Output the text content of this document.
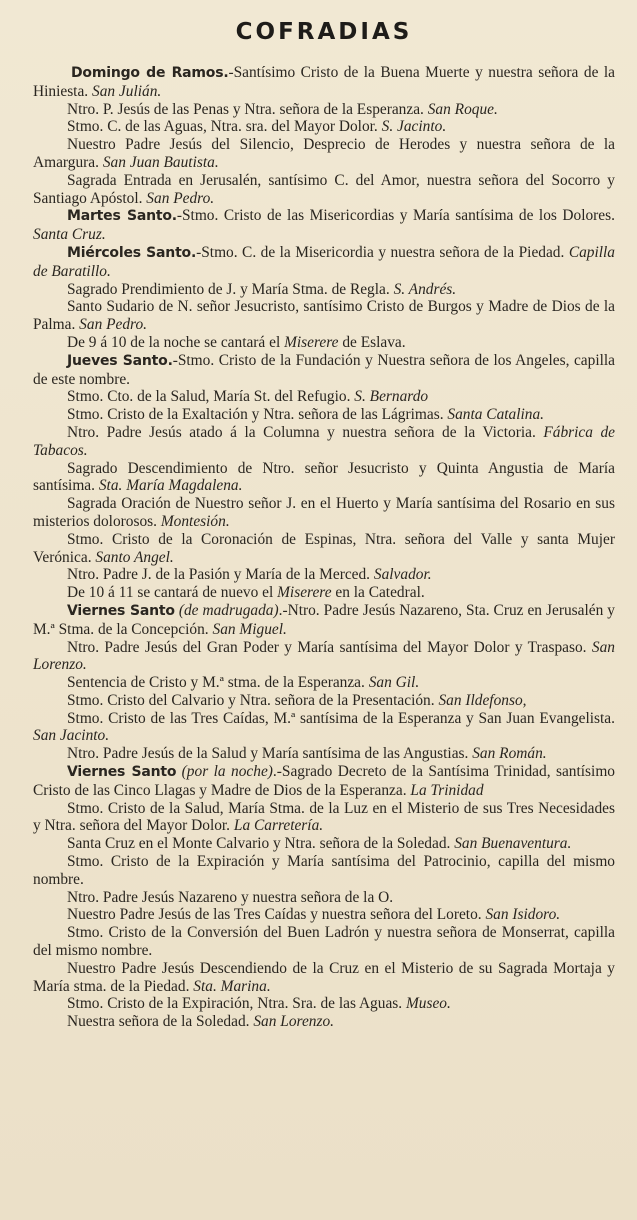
COFRADIAS

Domingo de Ramos.-Santísimo Cristo de la Buena Muerte y nuestra señora de la Hiniesta. San Julián.

Ntro. P. Jesús de las Penas y Ntra. señora de la Esperanza. San Roque.

Stmo. C. de las Aguas, Ntra. sra. del Mayor Dolor. S. Jacinto.

Nuestro Padre Jesús del Silencio, Desprecio de Herodes y nuestra señora de la Amargura. San Juan Bautista.

Sagrada Entrada en Jerusalén, santísimo C. del Amor, nuestra señora del Socorro y Santiago Apóstol. San Pedro.

Martes Santo.-Stmo. Cristo de las Misericordias y María santísima de los Dolores. Santa Cruz.

Miércoles Santo.-Stmo. C. de la Misericordia y nuestra señora de la Piedad. Capilla de Baratillo.

Sagrado Prendimiento de J. y María Stma. de Regla. S. Andrés.

Santo Sudario de N. señor Jesucristo, santísimo Cristo de Burgos y Madre de Dios de la Palma. San Pedro.

De 9 á 10 de la noche se cantará el Miserere de Eslava.

Jueves Santo.-Stmo. Cristo de la Fundación y Nuestra señora de los Angeles, capilla de este nombre.

Stmo. Cto. de la Salud, María St. del Refugio. S. Bernardo

Stmo. Cristo de la Exaltación y Ntra. señora de las Lágrimas. Santa Catalina.

Ntro. Padre Jesús atado á la Columna y nuestra señora de la Victoria. Fábrica de Tabacos.

Sagrado Descendimiento de Ntro. señor Jesucristo y Quinta Angustia de María santísima. Sta. María Magdalena.

Sagrada Oración de Nuestro señor J. en el Huerto y María santísima del Rosario en sus misterios dolorosos. Montesión.

Stmo. Cristo de la Coronación de Espinas, Ntra. señora del Valle y santa Mujer Verónica. Santo Angel.

Ntro. Padre J. de la Pasión y María de la Merced. Salvador.

De 10 á 11 se cantará de nuevo el Miserere en la Catedral.

Viernes Santo (de madrugada).-Ntro. Padre Jesús Nazareno, Sta. Cruz en Jerusalén y M.ª Stma. de la Concepción. San Miguel.

Ntro. Padre Jesús del Gran Poder y María santísima del Mayor Dolor y Traspaso. San Lorenzo.

Sentencia de Cristo y M.ª stma. de la Esperanza. San Gil.

Stmo. Cristo del Calvario y Ntra. señora de la Presentación. San Ildefonso,

Stmo. Cristo de las Tres Caídas, M.ª santísima de la Esperanza y San Juan Evangelista. San Jacinto.

Ntro. Padre Jesús de la Salud y María santísima de las Angustias. San Román.

Viernes Santo (por la noche).-Sagrado Decreto de la Santísima Trinidad, santísimo Cristo de las Cinco Llagas y Madre de Dios de la Esperanza. La Trinidad

Stmo. Cristo de la Salud, María Stma. de la Luz en el Misterio de sus Tres Necesidades y Ntra. señora del Mayor Dolor. La Carretería.

Santa Cruz en el Monte Calvario y Ntra. señora de la Soledad. San Buenaventura.

Stmo. Cristo de la Expiración y María santísima del Patrocinio, capilla del mismo nombre.

Ntro. Padre Jesús Nazareno y nuestra señora de la O.

Nuestro Padre Jesús de las Tres Caídas y nuestra señora del Loreto. San Isidoro.

Stmo. Cristo de la Conversión del Buen Ladrón y nuestra señora de Monserrat, capilla del mismo nombre.

Nuestro Padre Jesús Descendiendo de la Cruz en el Misterio de su Sagrada Mortaja y María stma. de la Piedad. Sta. Marina.

Stmo. Cristo de la Expiración, Ntra. Sra. de las Aguas. Museo.

Nuestra señora de la Soledad. San Lorenzo.
